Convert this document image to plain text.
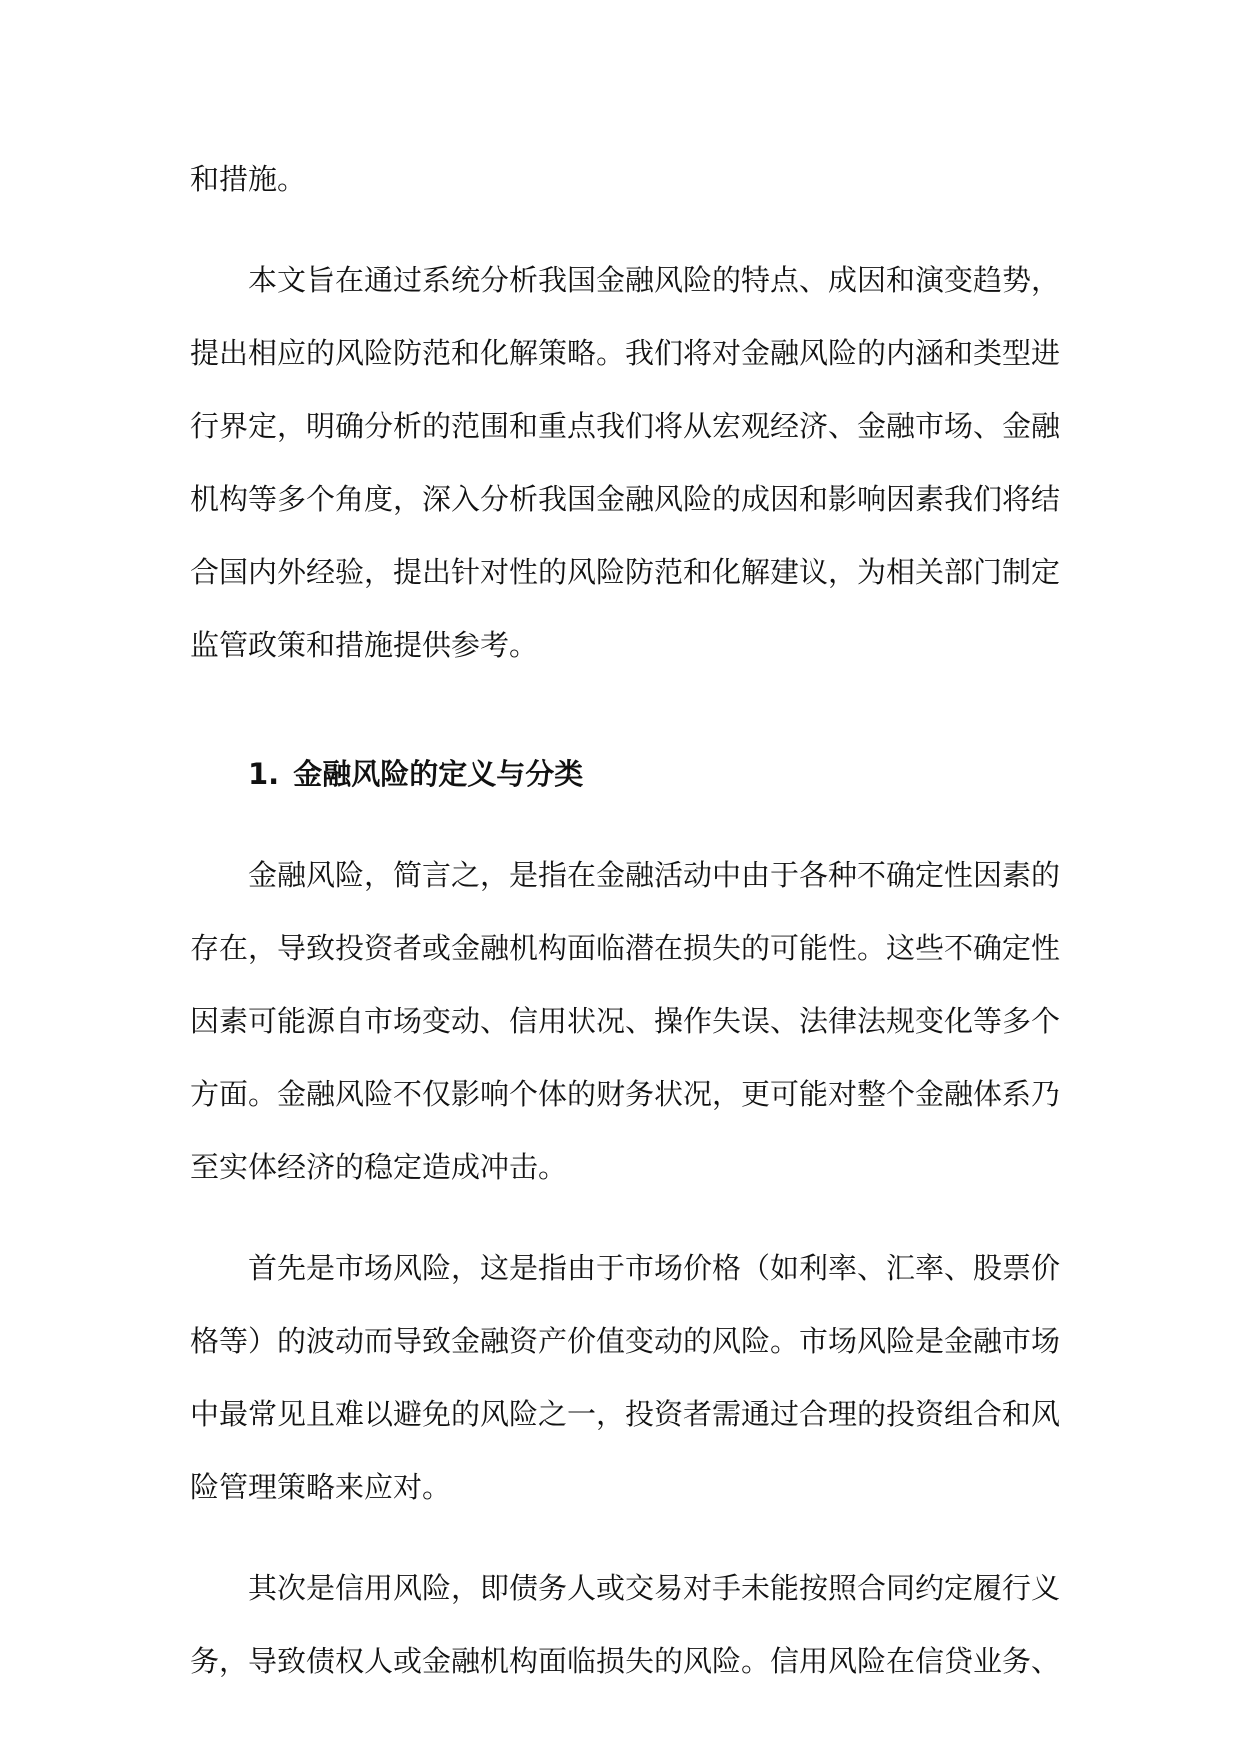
和措施。
本文旨在通过系统分析我国金融风险的特点、成因和演变趋势，
提出相应的风险防范和化解策略。我们将对金融风险的内涵和类型进
行界定，明确分析的范围和重点我们将从宏观经济、金融市场、金融
机构等多个角度，深入分析我国金融风险的成因和影响因素我们将结
合国内外经验，提出针对性的风险防范和化解建议，为相关部门制定
监管政策和措施提供参考。
1. 金融风险的定义与分类
金融风险，简言之，是指在金融活动中由于各种不确定性因素的
存在，导致投资者或金融机构面临潜在损失的可能性。这些不确定性
因素可能源自市场变动、信用状况、操作失误、法律法规变化等多个
方面。金融风险不仅影响个体的财务状况，更可能对整个金融体系乃
至实体经济的稳定造成冲击。
首先是市场风险，这是指由于市场价格（如利率、汇率、股票价
格等）的波动而导致金融资产价值变动的风险。市场风险是金融市场
中最常见且难以避免的风险之一，投资者需通过合理的投资组合和风
险管理策略来应对。
其次是信用风险，即债务人或交易对手未能按照合同约定履行义
务，导致债权人或金融机构面临损失的风险。信用风险在信贷业务、
